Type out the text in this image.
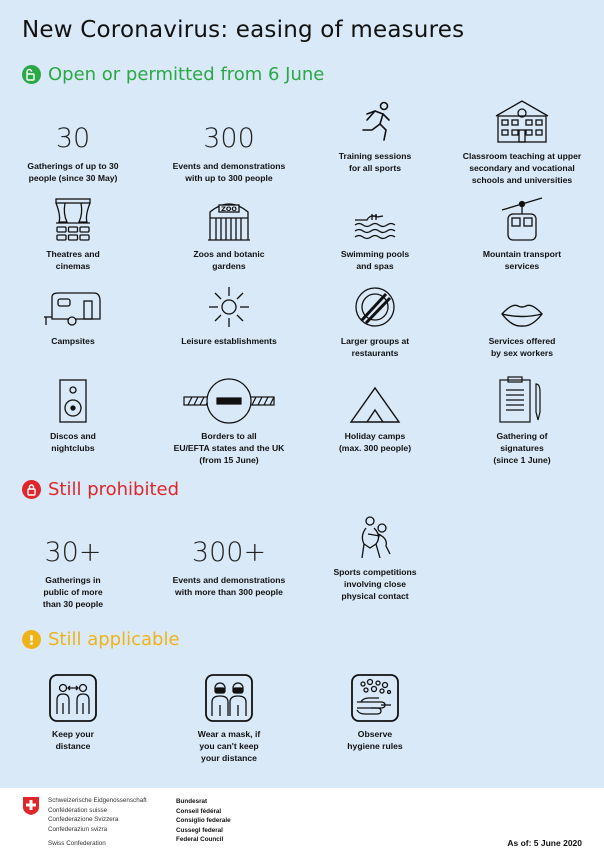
New Coronavirus: easing of measures
Open or permitted from 6 June
30
Gatherings of up to 30
people (since 30 May)
300
Events and demonstrations
with up to 300 people
Training sessions
for all sports
Classroom teaching at upper
secondary and vocational
schools and universities
Theatres and
cinemas
ZOO
Zoos and botanic
gardens
Swimming pools
and spas
Mountain transport
services
Campsites	Leisure establishments	Larger groups at
restaurants
Services offered
by sex workers
Discos and
nightclubs
Borders to all
EU/EFTA states and the UK
(from 15 June)
Holiday camps
(max. 300 people)
Gathering of
signatures
(since 1 June)
Still prohibited
30+
Gatherings in
public of more
than 30 people
300+
Events and demonstrations
with more than 300 people
Sports competitions
involving close
physical contact
Still applicable
Keep your
distance
Wear a mask, if
you can't keep
your distance
Observe
hygiene rules
Schweizerische Eidgenossenschaft
Confédération suisse
Confederazione Svizzera
Confederaziun svizra
Swiss Confederation
Bundesrat
Conseil fédéral
Consiglio federale
Cussegl federal
Federal Council	As of: 5 June 2020
